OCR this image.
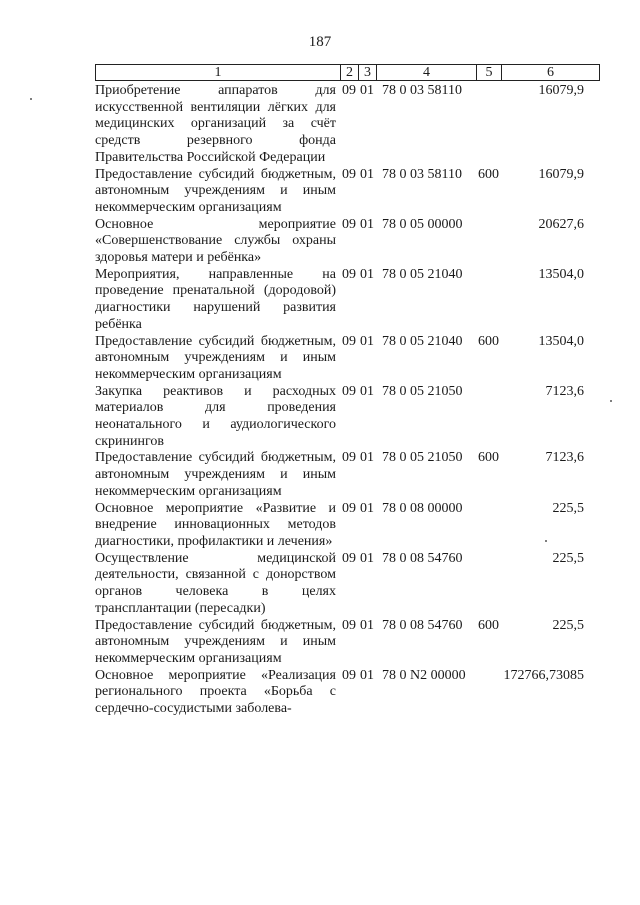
187
1	2 3	4	5	6
Приобретение аппаратов для искусственной вентиляции лёгких для медицинских организаций за счёт средств резервного фонда Правительства Российской Федерации
09 01 78 0 03 58110	16079,9
Предоставление субсидий бюджетным, автономным учреждениям и иным некоммерческим организациям
09 01 78 0 03 58110	600	16079,9
Основное мероприятие «Совершенствование службы охраны здоровья матери и ребёнка»
09 01 78 0 05 00000	20627,6
Мероприятия, направленные на проведение пренатальной (дородовой) диагностики нарушений развития ребёнка
09 01 78 0 05 21040	13504,0
Предоставление субсидий бюджетным, автономным учреждениям и иным некоммерческим организациям
09 01 78 0 05 21040	600	13504,0
Закупка реактивов и расходных материалов для проведения неонатального и аудиологического скринингов
09 01 78 0 05 21050	7123,6
Предоставление субсидий бюджетным, автономным учреждениям и иным некоммерческим организациям
09 01 78 0 05 21050	600	7123,6
Основное мероприятие «Развитие и внедрение инновационных методов диагностики, профилактики и лечения»
09 01 78 0 08 00000	225,5
Осуществление медицинской деятельности, связанной с донорством органов человека в целях трансплантации (пересадки)
09 01 78 0 08 54760	225,5
Предоставление субсидий бюджетным, автономным учреждениям и иным некоммерческим организациям
09 01 78 0 08 54760	600	225,5
Основное мероприятие «Реализация регионального проекта «Борьба с сердечно-сосудистыми заболева-
09 01 78 0 N2 00000	172766,73085
